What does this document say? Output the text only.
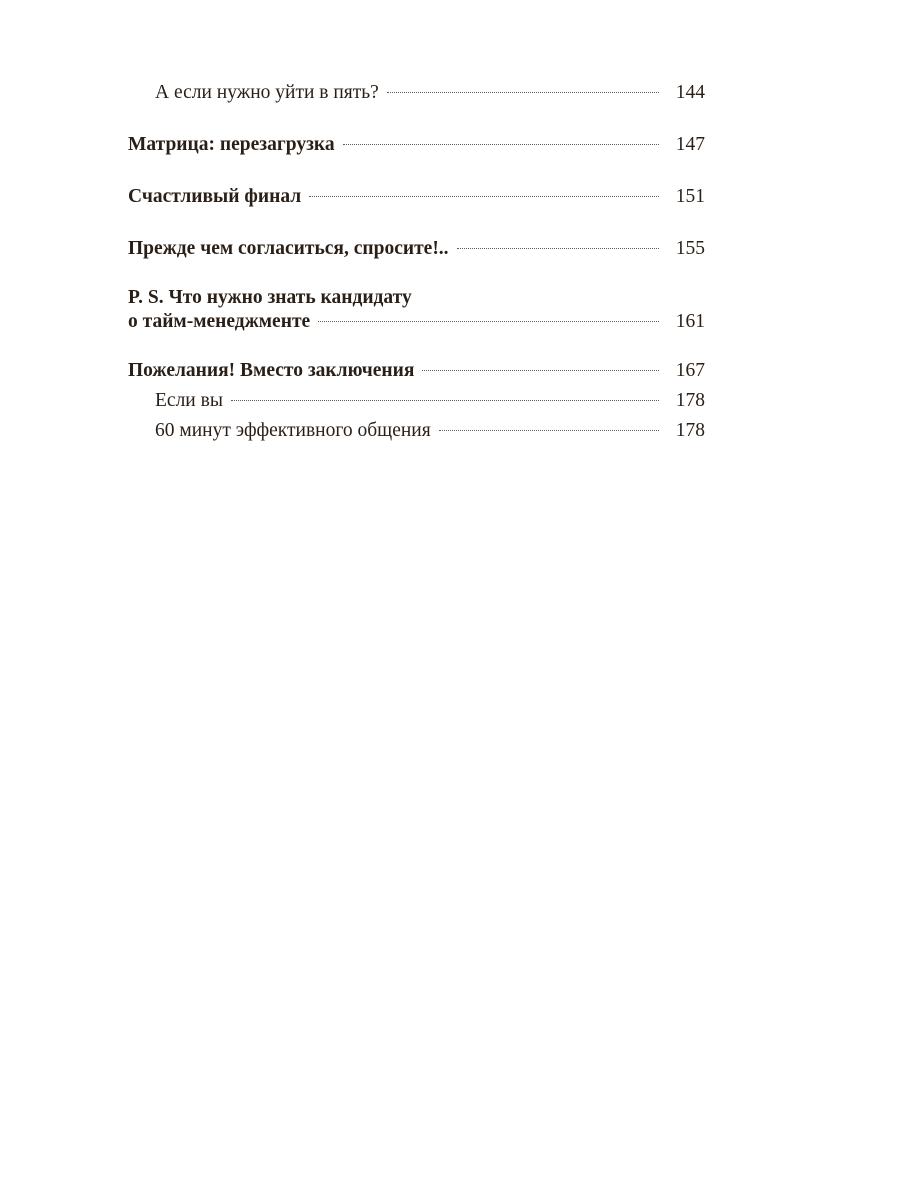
А если нужно уйти в пять?	144
Матрица: перезагрузка	147
Счастливый финал	151
Прежде чем согласиться, спросите!..	155
P. S. Что нужно знать кандидату
о тайм-менеджменте	161
Пожелания! Вместо заключения	167
Если вы	178
60 минут эффективного общения	178
